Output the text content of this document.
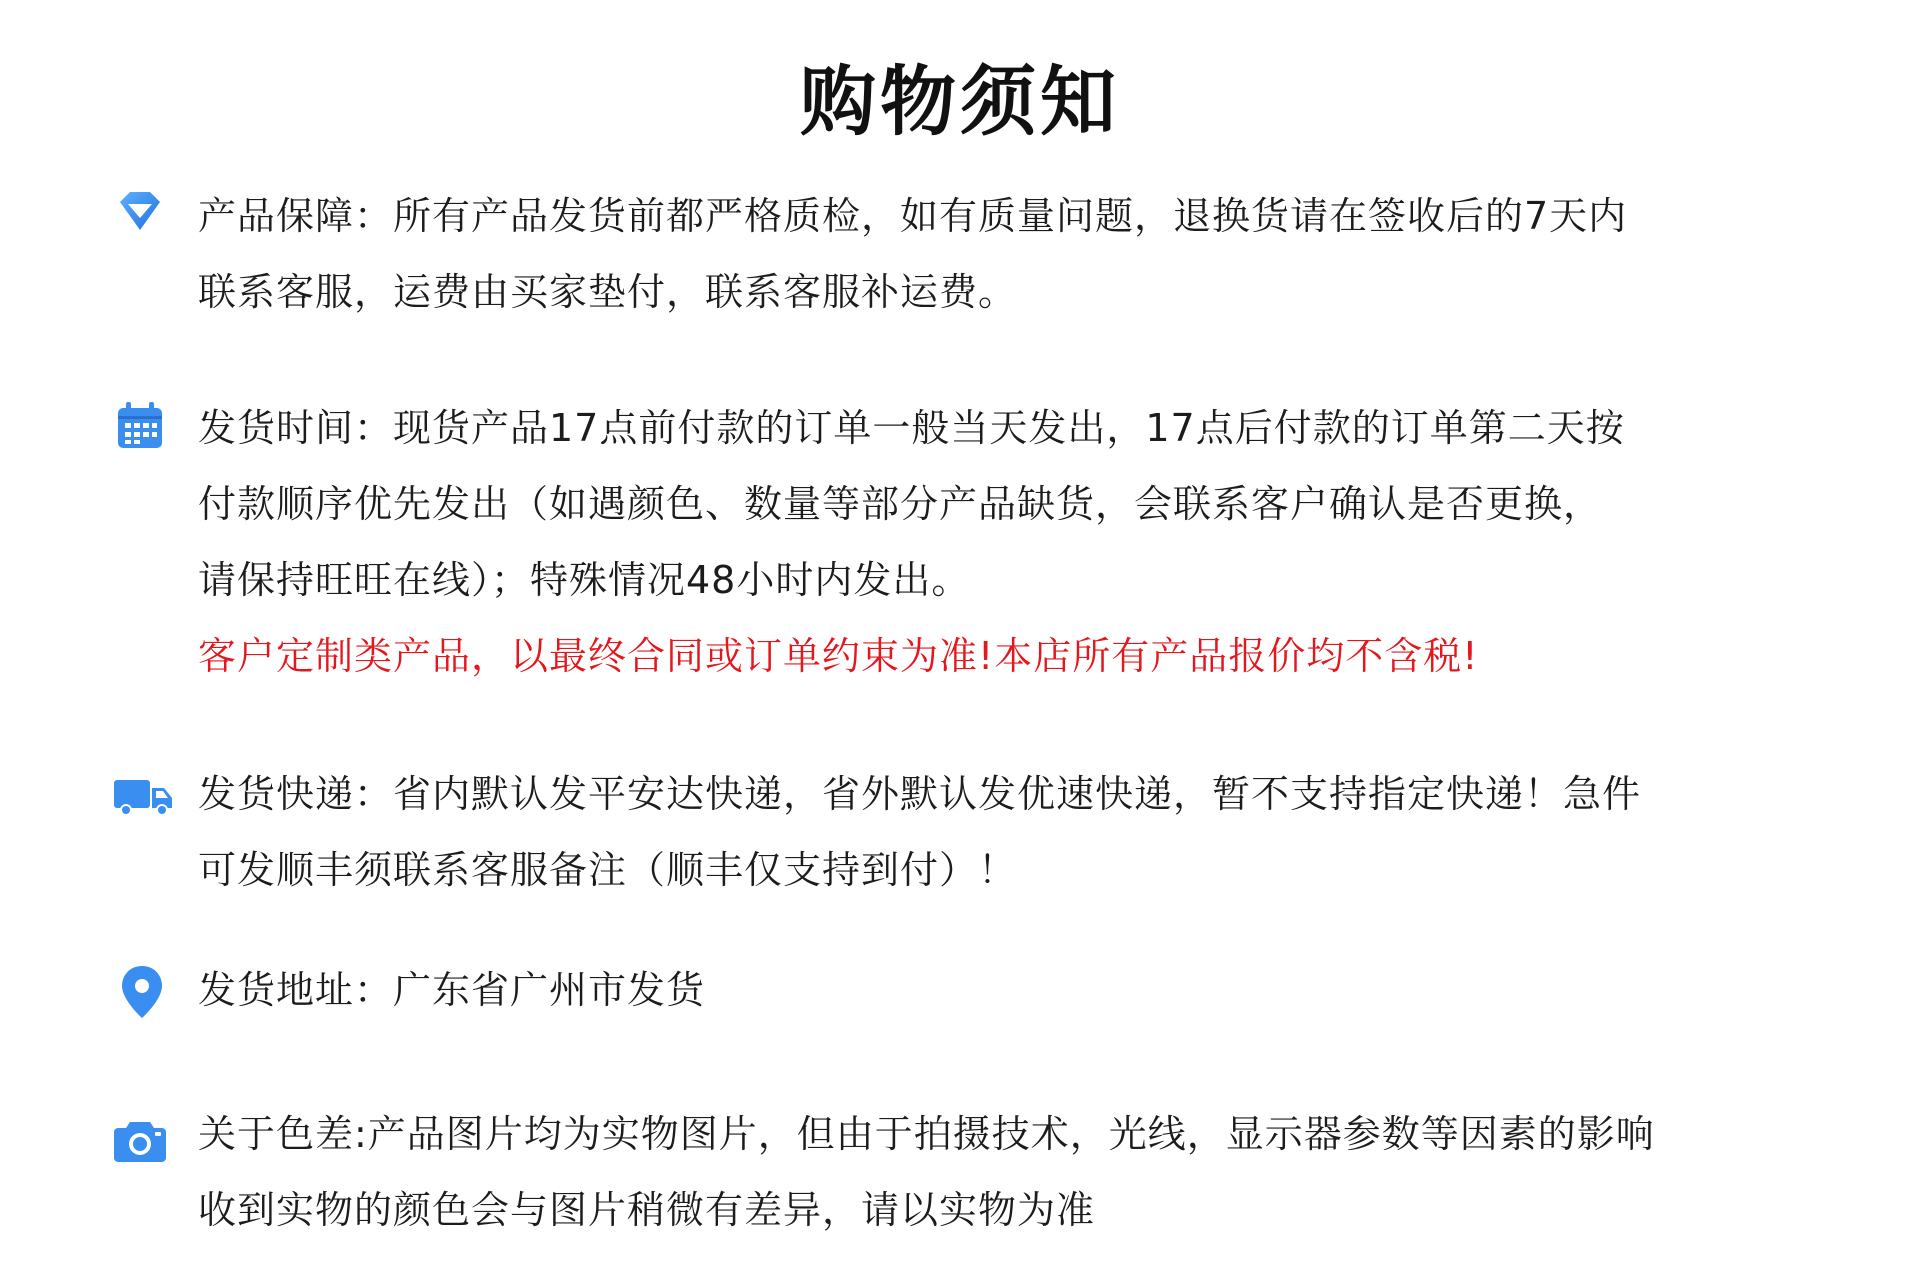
购物须知
产品保障：所有产品发货前都严格质检，如有质量问题，退换货请在签收后的7天内
联系客服，运费由买家垫付，联系客服补运费。
发货时间：现货产品17点前付款的订单一般当天发出，17点后付款的订单第二天按
付款顺序优先发出（如遇颜色、数量等部分产品缺货，会联系客户确认是否更换，
请保持旺旺在线）；特殊情况48小时内发出。
客户定制类产品，以最终合同或订单约束为准!本店所有产品报价均不含税!
发货快递：省内默认发平安达快递，省外默认发优速快递，暂不支持指定快递！急件
可发顺丰须联系客服备注（顺丰仅支持到付）！
发货地址：广东省广州市发货
关于色差:产品图片均为实物图片，但由于拍摄技术，光线，显示器参数等因素的影响
收到实物的颜色会与图片稍微有差异，请以实物为准
